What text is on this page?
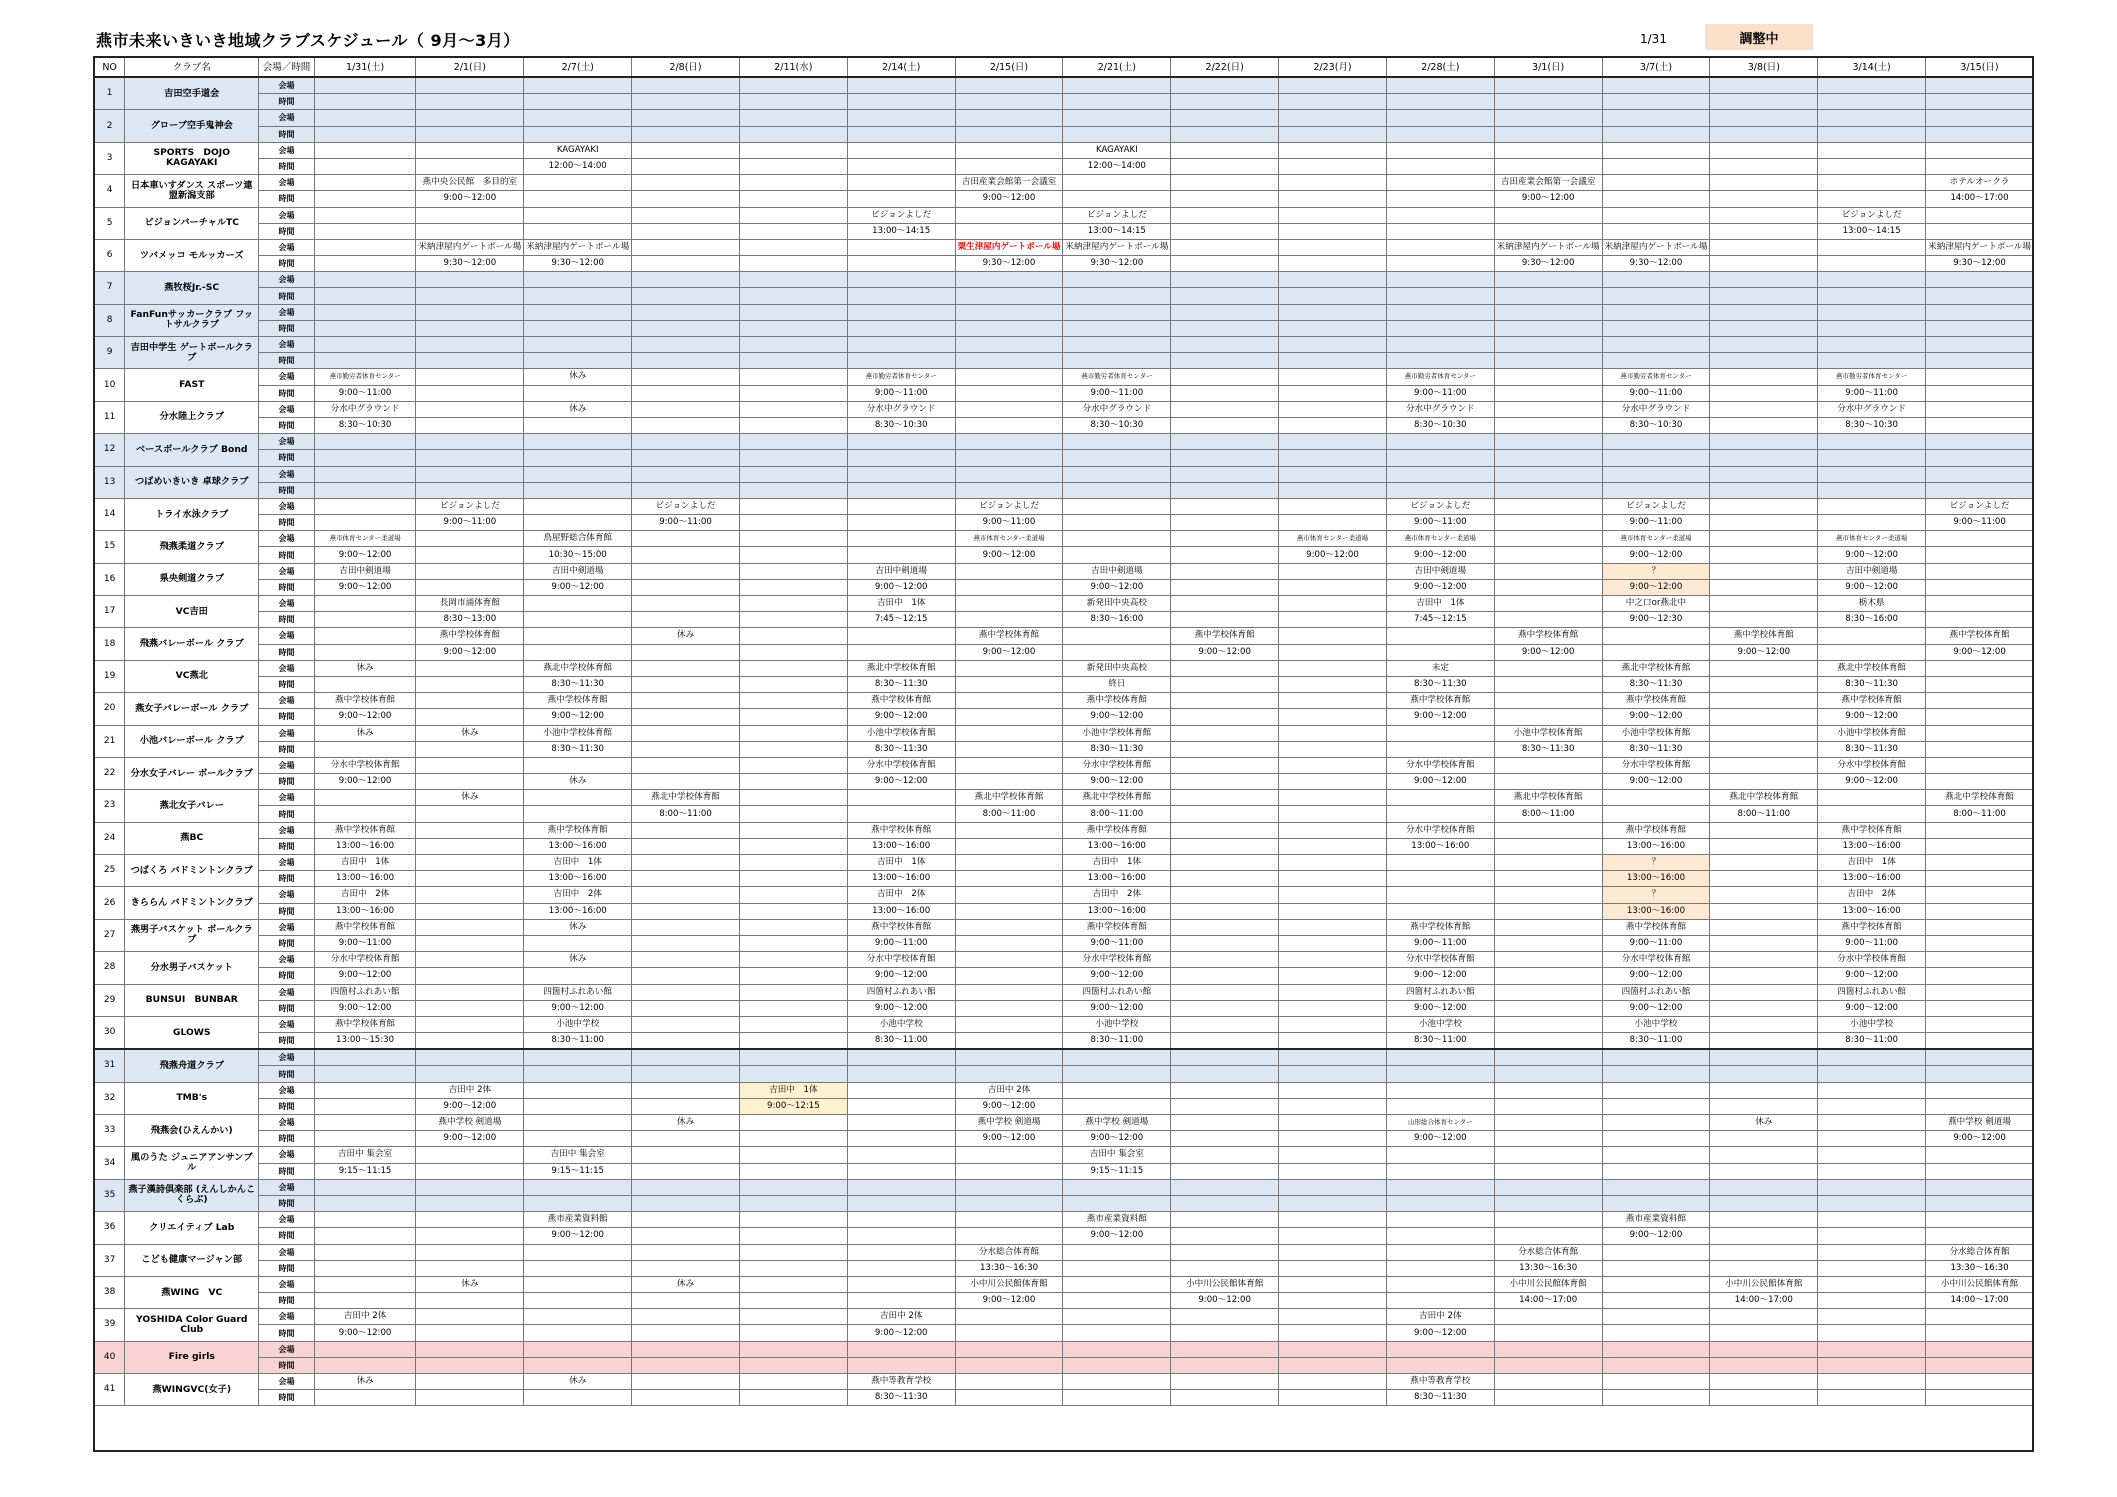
燕市未来いきいき地域クラブスケジュール（ 9月～3月）	1/31	調整中
NO	クラブ名	会場／時間	1/31(土)	2/1(日)	2/7(土)	2/8(日)	2/11(水)	2/14(土)	2/15(日)	2/21(土)	2/22(日)	2/23(月)	2/28(土)	3/1(日)	3/7(土)	3/8(日)	3/14(土)	3/15(日)
1	吉田空手道会	会場																
		時間																
2	グローブ空手鬼神会	会場																
		時間																
3	SPORTS　DOJO　KAGAYAKI	会場			KAGAYAKI					KAGAYAKI								
		時間			12:00～14:00					12:00～14:00								
4	日本車いすダンス スポーツ連盟新潟支部	会場		燕中央公民館　多目的室					吉田産業会館第一会議室					吉田産業会館第一会議室				ホテルオークラ
		時間		9:00～12:00					9:00～12:00					9:00～12:00				14:00～17:00
5	ビジョンバーチャルTC	会場						ビジョンよしだ		ビジョンよしだ							ビジョンよしだ	
		時間						13:00～14:15		13:00～14:15							13:00～14:15	
6	ツバメッコ モルッカーズ	会場		米納津屋内ゲートボール場	米納津屋内ゲートボール場				粟生津屋内ゲートボール場	米納津屋内ゲートボール場				米納津屋内ゲートボール場	米納津屋内ゲートボール場			米納津屋内ゲートボール場
		時間		9:30～12:00	9:30～12:00				9:30～12:00	9:30～12:00				9:30～12:00	9:30～12:00			9:30～12:00
7	燕牧桜Jr.-SC	会場																
		時間																
8	FanFunサッカークラブ フットサルクラブ	会場																
		時間																
9	吉田中学生 ゲートボールクラブ	会場																
		時間																
10	FAST	会場	燕市勤労者体育センター		休み			燕市勤労者体育センター		燕市勤労者体育センター			燕市勤労者体育センター		燕市勤労者体育センター		燕市勤労者体育センター	
		時間	9:00～11:00					9:00～11:00		9:00～11:00			9:00～11:00		9:00～11:00		9:00～11:00	
11	分水陸上クラブ	会場	分水中グラウンド		休み			分水中グラウンド		分水中グラウンド			分水中グラウンド		分水中グラウンド		分水中グラウンド	
		時間	8:30～10:30					8:30～10:30		8:30～10:30			8:30～10:30		8:30～10:30		8:30～10:30	
12	ベースボールクラブ Bond	会場																
		時間																
13	つばめいきいき 卓球クラブ	会場																
		時間																
14	トライ水泳クラブ	会場		ビジョンよしだ		ビジョンよしだ			ビジョンよしだ				ビジョンよしだ		ビジョンよしだ			ビジョンよしだ
		時間		9:00～11:00		9:00～11:00			9:00～11:00				9:00～11:00		9:00～11:00			9:00～11:00
15	飛燕柔道クラブ	会場	燕市体育センター柔道場		鳥屋野総合体育館				燕市体育センター柔道場			燕市体育センター柔道場	燕市体育センター柔道場		燕市体育センター柔道場		燕市体育センター柔道場	
		時間	9:00～12:00		10:30～15:00				9:00～12:00			9:00～12:00	9:00～12:00		9:00～12:00		9:00～12:00	
16	県央剣道クラブ	会場	吉田中剣道場		吉田中剣道場			吉田中剣道場		吉田中剣道場			吉田中剣道場		？		吉田中剣道場	
		時間	9:00～12:00		9:00～12:00			9:00～12:00		9:00～12:00			9:00～12:00		9:00～12:00		9:00～12:00	
17	VC吉田	会場		長岡市浦体育館				吉田中　1体		新発田中央高校			吉田中　1体		中之口or燕北中		栃木県	
		時間		8:30～13:00				7:45～12:15		8:30～16:00			7:45～12:15		9:00～12:30		8:30～16:00	
18	飛燕バレーボール クラブ	会場		燕中学校体育館		休み			燕中学校体育館		燕中学校体育館			燕中学校体育館		燕中学校体育館		燕中学校体育館
		時間		9:00～12:00					9:00～12:00		9:00～12:00			9:00～12:00		9:00～12:00		9:00～12:00
19	VC燕北	会場	休み		燕北中学校体育館			燕北中学校体育館		新発田中央高校			未定		燕北中学校体育館		燕北中学校体育館	
		時間			8:30～11:30			8:30～11:30		終日			8:30～11:30		8:30～11:30		8:30～11:30	
20	燕女子バレーボール クラブ	会場	燕中学校体育館		燕中学校体育館			燕中学校体育館		燕中学校体育館			燕中学校体育館		燕中学校体育館		燕中学校体育館	
		時間	9:00～12:00		9:00～12:00			9:00～12:00		9:00～12:00			9:00～12:00		9:00～12:00		9:00～12:00	
21	小池バレーボール クラブ	会場	休み	休み	小池中学校体育館			小池中学校体育館		小池中学校体育館				小池中学校体育館	小池中学校体育館		小池中学校体育館	
		時間			8:30～11:30			8:30～11:30		8:30～11:30				8:30～11:30	8:30～11:30		8:30～11:30	
22	分水女子バレー ボールクラブ	会場	分水中学校体育館					分水中学校体育館		分水中学校体育館			分水中学校体育館		分水中学校体育館		分水中学校体育館	
		時間	9:00～12:00		休み			9:00～12:00		9:00～12:00			9:00～12:00		9:00～12:00		9:00～12:00	
23	燕北女子バレー	会場		休み		燕北中学校体育館			燕北中学校体育館	燕北中学校体育館				燕北中学校体育館		燕北中学校体育館		燕北中学校体育館
		時間				8:00～11:00			8:00～11:00	8:00～11:00				8:00～11:00		8:00～11:00		8:00～11:00
24	燕BC	会場	燕中学校体育館		燕中学校体育館			燕中学校体育館		燕中学校体育館			分水中学校体育館		燕中学校体育館		燕中学校体育館	
		時間	13:00～16:00		13:00～16:00			13:00～16:00		13:00～16:00			13:00～16:00		13:00～16:00		13:00～16:00	
25	つばくろ バドミントンクラブ	会場	吉田中　1体		吉田中　1体			吉田中　1体		吉田中　1体					？		吉田中　1体	
		時間	13:00～16:00		13:00～16:00			13:00～16:00		13:00～16:00					13:00～16:00		13:00～16:00	
26	きららん バドミントンクラブ	会場	吉田中　2体		吉田中　2体			吉田中　2体		吉田中　2体					？		吉田中　2体	
		時間	13:00～16:00		13:00～16:00			13:00～16:00		13:00～16:00					13:00～16:00		13:00～16:00	
27	燕男子バスケット ボールクラブ	会場	燕中学校体育館		休み			燕中学校体育館		燕中学校体育館			燕中学校体育館		燕中学校体育館		燕中学校体育館	
		時間	9:00～11:00					9:00～11:00		9:00～11:00			9:00～11:00		9:00～11:00		9:00～11:00	
28	分水男子バスケット	会場	分水中学校体育館		休み			分水中学校体育館		分水中学校体育館			分水中学校体育館		分水中学校体育館		分水中学校体育館	
		時間	9:00～12:00					9:00～12:00		9:00～12:00			9:00～12:00		9:00～12:00		9:00～12:00	
29	BUNSUI　BUNBAR	会場	四箇村ふれあい館		四箇村ふれあい館			四箇村ふれあい館		四箇村ふれあい館			四箇村ふれあい館		四箇村ふれあい館		四箇村ふれあい館	
		時間	9:00～12:00		9:00～12:00			9:00～12:00		9:00～12:00			9:00～12:00		9:00～12:00		9:00～12:00	
30	GLOWS	会場	燕中学校体育館		小池中学校			小池中学校		小池中学校			小池中学校		小池中学校		小池中学校	
		時間	13:00～15:30		8:30～11:00			8:30～11:00		8:30～11:00			8:30～11:00		8:30～11:00		8:30～11:00	
31	飛燕舟道クラブ	会場																
		時間																
32	TMB's	会場		吉田中 2体			吉田中　1体		吉田中 2体									
		時間		9:00～12:00			9:00～12:15		9:00～12:00									
33	飛燕会(ひえんかい)	会場		燕中学校 剣道場		休み			燕中学校 剣道場	燕中学校 剣道場			山形総合体育センター			休み		燕中学校 剣道場
		時間		9:00～12:00					9:00～12:00	9:00～12:00			9:00～12:00					9:00～12:00
34	風のうた ジュニアアンサンブル	会場	吉田中 集会室		吉田中 集会室					吉田中 集会室								
		時間	9:15～11:15		9:15～11:15					9:15～11:15								
35	燕子漢詩倶楽部 (えんしかんこくらぶ)	会場																
		時間																
36	クリエイティブ Lab	会場			燕市産業資料館					燕市産業資料館					燕市産業資料館			
		時間			9:00～12:00					9:00～12:00					9:00～12:00			
37	こども健康マージャン部	会場							分水総合体育館					分水総合体育館				分水総合体育館
		時間							13:30～16:30					13:30～16:30				13:30～16:30
38	燕WING　VC	会場		休み		休み			小中川公民館体育館		小中川公民館体育館			小中川公民館体育館		小中川公民館体育館		小中川公民館体育館
		時間							9:00～12:00		9:00～12:00			14:00～17:00		14:00～17:00		14:00～17:00
39	YOSHIDA Color Guard Club	会場	吉田中 2体					吉田中 2体					吉田中 2体					
		時間	9:00～12:00					9:00～12:00					9:00～12:00					
40	Fire girls	会場																
		時間																
41	燕WINGVC(女子)	会場	休み		休み			燕中等教育学校					燕中等教育学校					
		時間						8:30～11:30					8:30～11:30					
